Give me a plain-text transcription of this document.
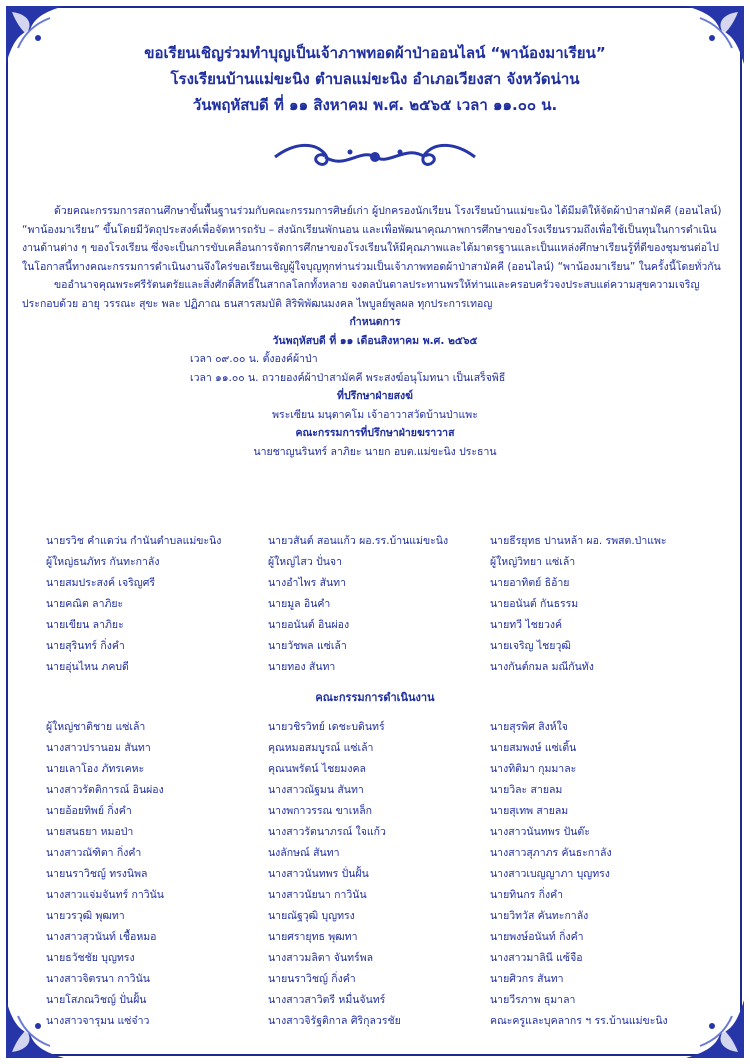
ขอเรียนเชิญร่วมทำบุญเป็นเจ้าภาพทอดผ้าป่าออนไลน์ “พาน้องมาเรียน”
โรงเรียนบ้านแม่ขะนิง ตำบลแม่ขะนิง อำเภอเวียงสา จังหวัดน่าน
วันพฤหัสบดี ที่ ๑๑ สิงหาคม พ.ศ. ๒๕๖๕ เวลา ๑๑.๐๐ น.

ด้วยคณะกรรมการสถานศึกษาขั้นพื้นฐานร่วมกับคณะกรรมการศิษย์เก่า ผู้ปกครองนักเรียน โรงเรียนบ้านแม่ขะนิง ได้มีมติให้จัดผ้าป่าสามัคคี (ออนไลน์) “พาน้องมาเรียน” ขึ้นโดยมีวัตถุประสงค์เพื่อจัดหารถรับ – ส่งนักเรียนพักนอน และเพื่อพัฒนาคุณภาพการศึกษาของโรงเรียนรวมถึงเพื่อใช้เป็นทุนในการดำเนินงานด้านต่าง ๆ ของโรงเรียน ซึ่งจะเป็นการขับเคลื่อนการจัดการศึกษาของโรงเรียนให้มีคุณภาพและได้มาตรฐานและเป็นแหล่งศึกษาเรียนรู้ที่ดีของชุมชนต่อไป ในโอกาสนี้ทางคณะกรรมการดำเนินงานจึงใคร่ขอเรียนเชิญผู้ใจบุญทุกท่านร่วมเป็นเจ้าภาพทอดผ้าป่าสามัคคี (ออนไลน์) “พาน้องมาเรียน” ในครั้งนี้โดยทั่วกัน

ขออำนาจคุณพระศรีรัตนตรัยและสิ่งศักดิ์สิทธิ์ในสากลโลกทั้งหลาย จงดลบันดาลประทานพรให้ท่านและครอบครัวจงประสบแต่ความสุขความเจริญประกอบด้วย อายุ วรรณะ สุขะ พละ ปฏิภาณ ธนสารสมบัติ สิริพิพัฒนมงคล ไพบูลย์พูลผล ทุกประการเทอญ

กำหนดการ
วันพฤหัสบดี ที่ ๑๑ เดือนสิงหาคม พ.ศ. ๒๕๖๕
เวลา ๐๙.๐๐ น. ตั้งองค์ผ้าป่า
เวลา ๑๑.๐๐ น. ถวายองค์ผ้าป่าสามัคคี พระสงฆ์อนุโมทนา เป็นเสร็จพิธี
ที่ปรึกษาฝ่ายสงฆ์
พระเซียน มนฺตาคโม เจ้าอาวาสวัดบ้านป่าแพะ
คณะกรรมการที่ปรึกษาฝ่ายฆราวาส
นายชาญนรินทร์ ลาภิยะ นายก อบต.แม่ขะนิง ประธาน
นายรวิช คำแดว่น กำนันตำบลแม่ขะนิง	นายวสันต์ สอนแก้ว ผอ.รร.บ้านแม่ขะนิง	นายธีรยุทธ ปานหล้า ผอ. รพสต.ป่าแพะ
ผู้ใหญ่ธนภัทร กันทะกาลัง	ผู้ใหญ่ไสว ปั่นจา	ผู้ใหญ่วิทยา แซ่เล้า
นายสมประสงค์ เจริญศรี	นางอำไพร สันทา	นายอาทิตย์ ธิอ้าย
นายคณิต ลาภิยะ	นายมูล อินคำ	นายอนันต์ กันธรรม
นายเขียน ลาภิยะ	นายอนันต์ อินผ่อง	นายทวี ไชยวงค์
นายสุรินทร์ กิ่งคำ	นายวัชพล แซ่เล้า	นายเจริญ ไชยวุฒิ
นายอุ่นไหน ภคบดี	นายทอง สันทา	นางกันต์กมล มณีกันทัง
คณะกรรมการดำเนินงาน
ผู้ใหญ่ชาติชาย แซ่เล้า	นายวชิรวิทย์ เดชะบดินทร์	นายสุรพิศ สิงห์ใจ
นางสาวปรานอม สันทา	คุณหมอสมบูรณ์ แซ่เล้า	นายสมพงษ์ แซ่เติ้น
นายเลาโอง ภัทรเคหะ	คุณนพรัตน์ ไชยมงคล	นางทิติมา กุมมาละ
นางสาวรัตติการณ์ อินผ่อง	นางสาวณัฐมน สันทา	นายวิละ สายลม
นายอ้อยทิพย์ กิ่งคำ	นางพกาวรรณ ขาเหล็ก	นายสุเทพ สายลม
นายสนธยา หมอป่า	นางสาวรัตนาภรณ์ ใจแก้ว	นางสาวนันทพร ปันต๊ะ
นางสาวณัฑิตา กิ่งคำ	นงลักษณ์ สันทา	นางสาวสุภาภร คันธะกาลัง
นายนราวิชญ์ ทรงนิพล	นางสาวนันทพร ปั่นฝั้น	นางสาวเบญญาภา บุญทรง
นางสาวแจ่มจันทร์ กาวินัน	นางสาวนัยนา กาวินัน	นายทินกร กิ่งคำ
นายวรวุฒิ พุฒทา	นายณัฐวุฒิ บุญทรง	นายวิทวัส คันทะกาลัง
นางสาวสุวนันท์ เชื้อหมอ	นายศรายุทธ พุฒทา	นายพงษ์อนันท์ กิ่งคำ
นายธวัชชัย บุญทรง	นางสาวมลิตา จันทร์พล	นางสาวมาลินี แซ้จือ
นางสาวจิตรนา กาวินัน	นายนราวิชญ์ กิ่งคำ	นายศิวกร สันทา
นายโสภณวิชญ์ ปั่นฝั้น	นางสาวสาวิตรี หมื่นจันทร์	นายวีรภาพ ธุมาลา
นางสาวจารุมน แซ่จ๋าว	นางสาวจิรัฐติกาล ศิริกุลวรชัย	คณะครูและบุคลากร ฯ รร.บ้านแม่ขะนิง
